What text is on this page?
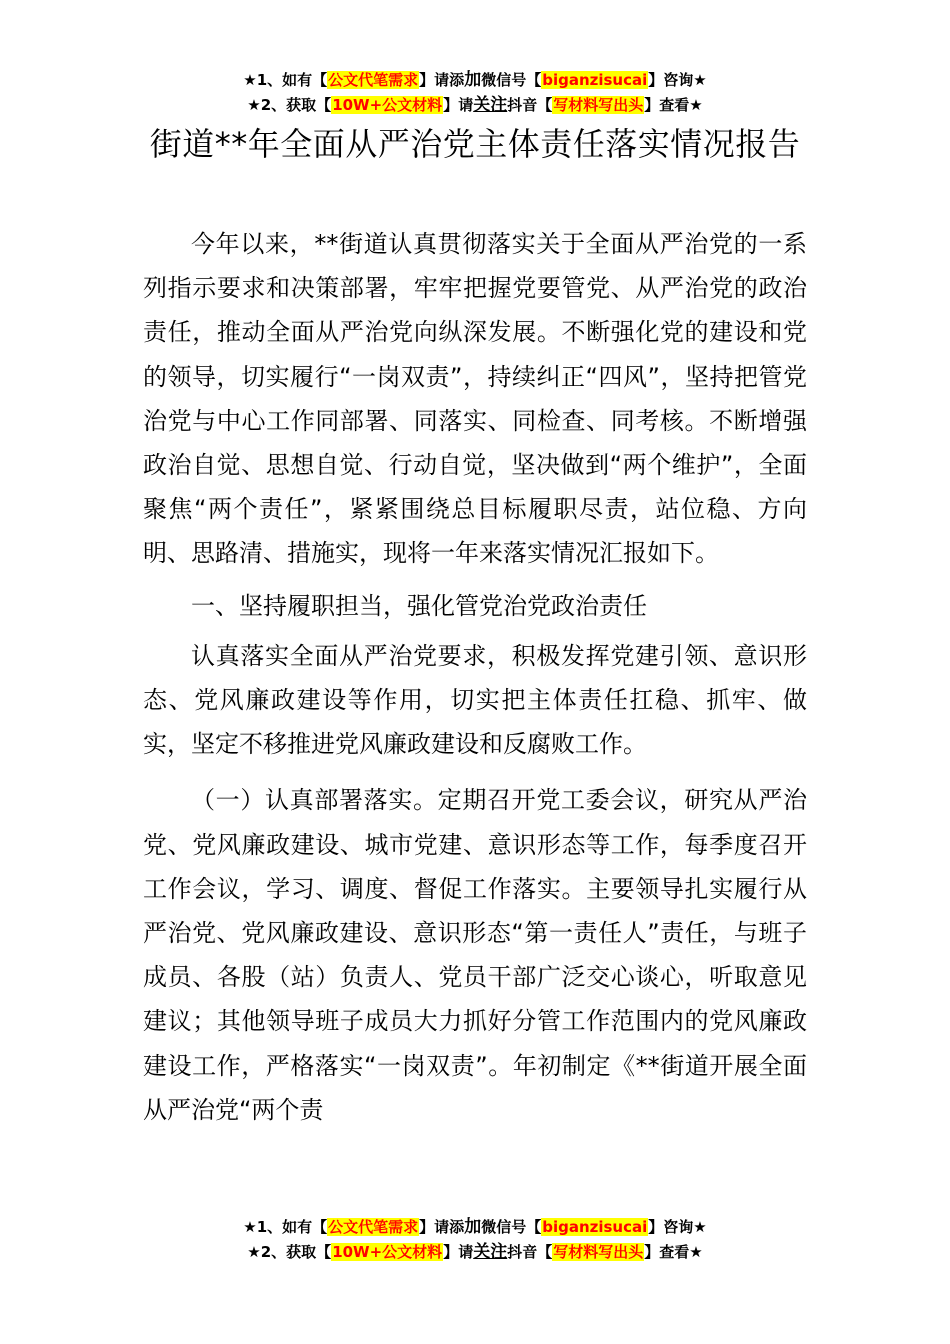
★1、如有【公文代笔需求】请添加微信号【biganzisucai】咨询★
★2、获取【10W+公文材料】请关注抖音【写材料写出头】查看★
街道**年全面从严治党主体责任落实情况报告

今年以来，**街道认真贯彻落实关于全面从严治党的一系列指示要求和决策部署，牢牢把握党要管党、从严治党的政治责任，推动全面从严治党向纵深发展。不断强化党的建设和党的领导，切实履行“一岗双责”，持续纠正“四风”，坚持把管党治党与中心工作同部署、同落实、同检查、同考核。不断增强政治自觉、思想自觉、行动自觉，坚决做到“两个维护”，全面聚焦“两个责任”，紧紧围绕总目标履职尽责，站位稳、方向明、思路清、措施实，现将一年来落实情况汇报如下。

一、坚持履职担当，强化管党治党政治责任

认真落实全面从严治党要求，积极发挥党建引领、意识形态、党风廉政建设等作用，切实把主体责任扛稳、抓牢、做实，坚定不移推进党风廉政建设和反腐败工作。

（一）认真部署落实。定期召开党工委会议，研究从严治党、党风廉政建设、城市党建、意识形态等工作，每季度召开工作会议，学习、调度、督促工作落实。主要领导扎实履行从严治党、党风廉政建设、意识形态“第一责任人”责任，与班子成员、各股（站）负责人、党员干部广泛交心谈心，听取意见建议；其他领导班子成员大力抓好分管工作范围内的党风廉政建设工作，严格落实“一岗双责”。年初制定《**街道开展全面从严治党“两个责

★1、如有【公文代笔需求】请添加微信号【biganzisucai】咨询★
★2、获取【10W+公文材料】请关注抖音【写材料写出头】查看★
